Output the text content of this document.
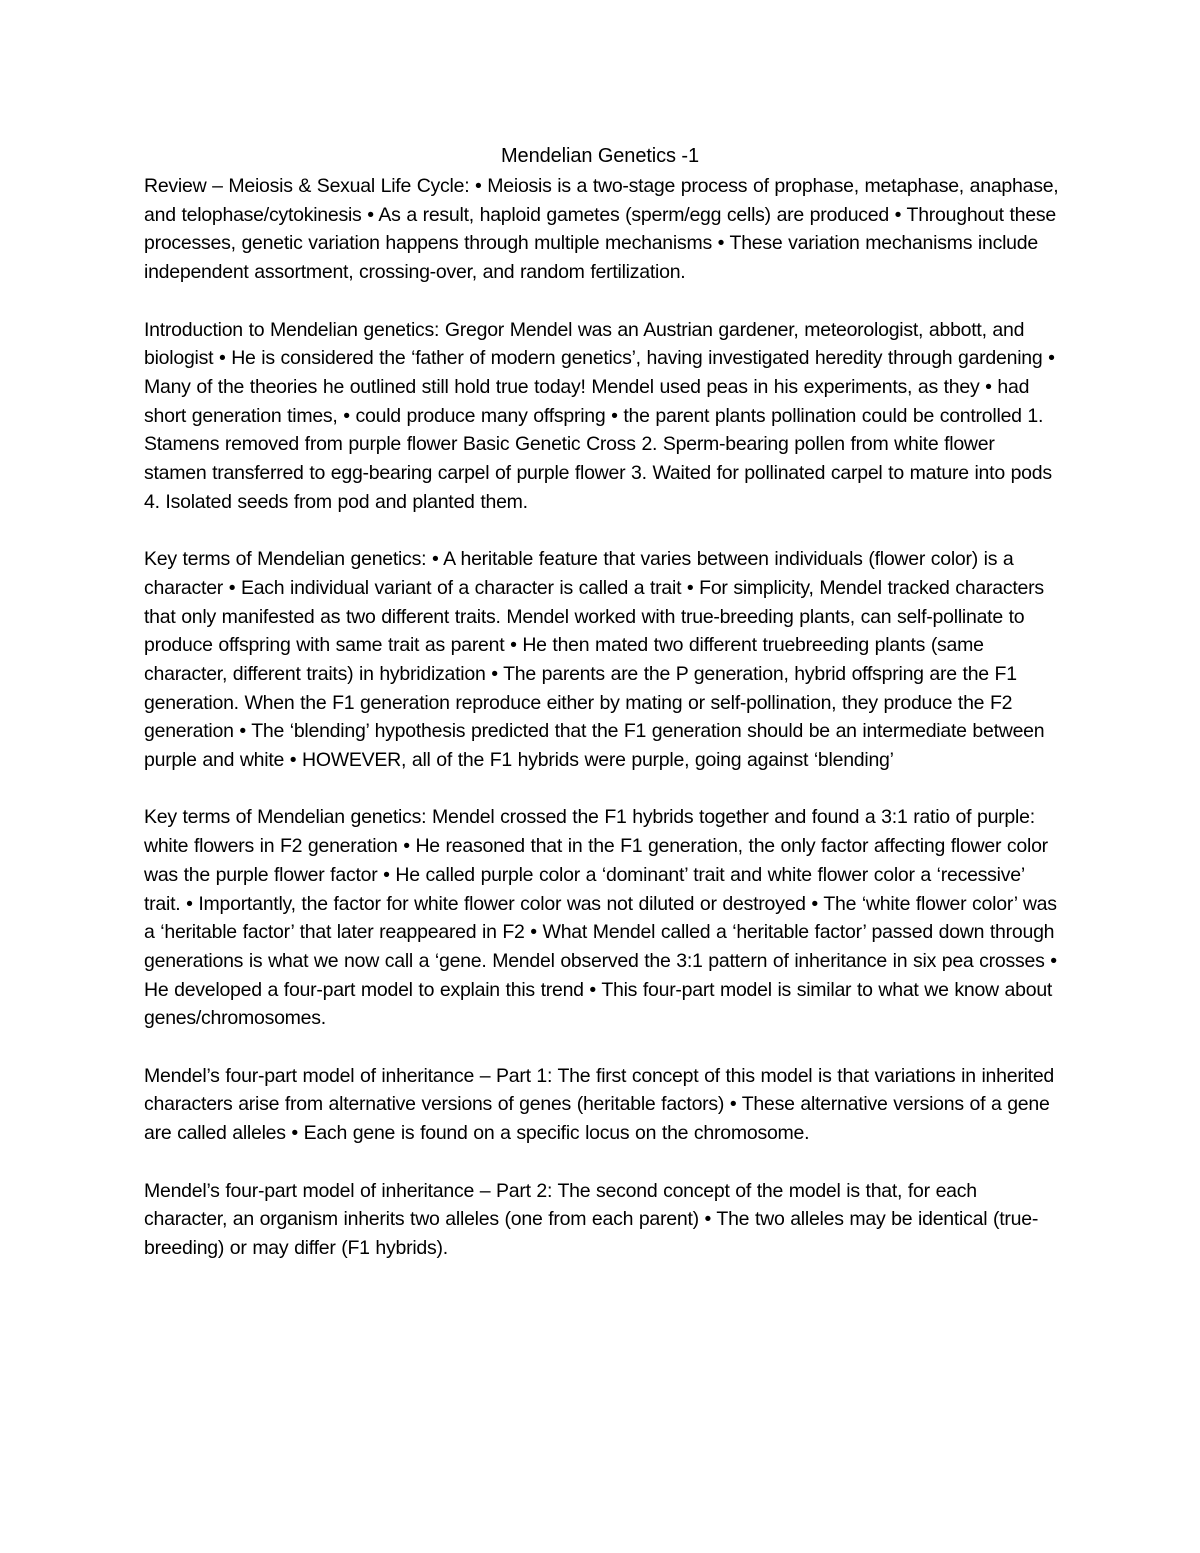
Mendelian Genetics -1

Review – Meiosis & Sexual Life Cycle: • Meiosis is a two-stage process of prophase, metaphase, anaphase, and telophase/cytokinesis • As a result, haploid gametes (sperm/egg cells) are produced • Throughout these processes, genetic variation happens through multiple mechanisms • These variation mechanisms include independent assortment, crossing-over, and random fertilization.

Introduction to Mendelian genetics: Gregor Mendel was an Austrian gardener, meteorologist, abbott, and biologist • He is considered the ‘father of modern genetics’, having investigated heredity through gardening • Many of the theories he outlined still hold true today! Mendel used peas in his experiments, as they • had short generation times, • could produce many offspring • the parent plants pollination could be controlled 1. Stamens removed from purple flower Basic Genetic Cross 2. Sperm-bearing pollen from white flower stamen transferred to egg-bearing carpel of purple flower 3. Waited for pollinated carpel to mature into pods 4. Isolated seeds from pod and planted them.

Key terms of Mendelian genetics: • A heritable feature that varies between individuals (flower color) is a character • Each individual variant of a character is called a trait • For simplicity, Mendel tracked characters that only manifested as two different traits. Mendel worked with true-breeding plants, can self-pollinate to produce offspring with same trait as parent • He then mated two different truebreeding plants (same character, different traits) in hybridization • The parents are the P generation, hybrid offspring are the F1 generation. When the F1 generation reproduce either by mating or self-pollination, they produce the F2 generation • The ‘blending’ hypothesis predicted that the F1 generation should be an intermediate between purple and white • HOWEVER, all of the F1 hybrids were purple, going against ‘blending’

Key terms of Mendelian genetics: Mendel crossed the F1 hybrids together and found a 3:1 ratio of purple: white flowers in F2 generation • He reasoned that in the F1 generation, the only factor affecting flower color was the purple flower factor • He called purple color a ‘dominant’ trait and white flower color a ‘recessive’ trait. • Importantly, the factor for white flower color was not diluted or destroyed • The ‘white flower color’ was a ‘heritable factor’ that later reappeared in F2 • What Mendel called a ‘heritable factor’ passed down through generations is what we now call a ‘gene. Mendel observed the 3:1 pattern of inheritance in six pea crosses • He developed a four-part model to explain this trend • This four-part model is similar to what we know about genes/chromosomes.

Mendel’s four-part model of inheritance – Part 1: The first concept of this model is that variations in inherited characters arise from alternative versions of genes (heritable factors) • These alternative versions of a gene are called alleles • Each gene is found on a specific locus on the chromosome.

Mendel’s four-part model of inheritance – Part 2: The second concept of the model is that, for each character, an organism inherits two alleles (one from each parent) • The two alleles may be identical (true-breeding) or may differ (F1 hybrids).
